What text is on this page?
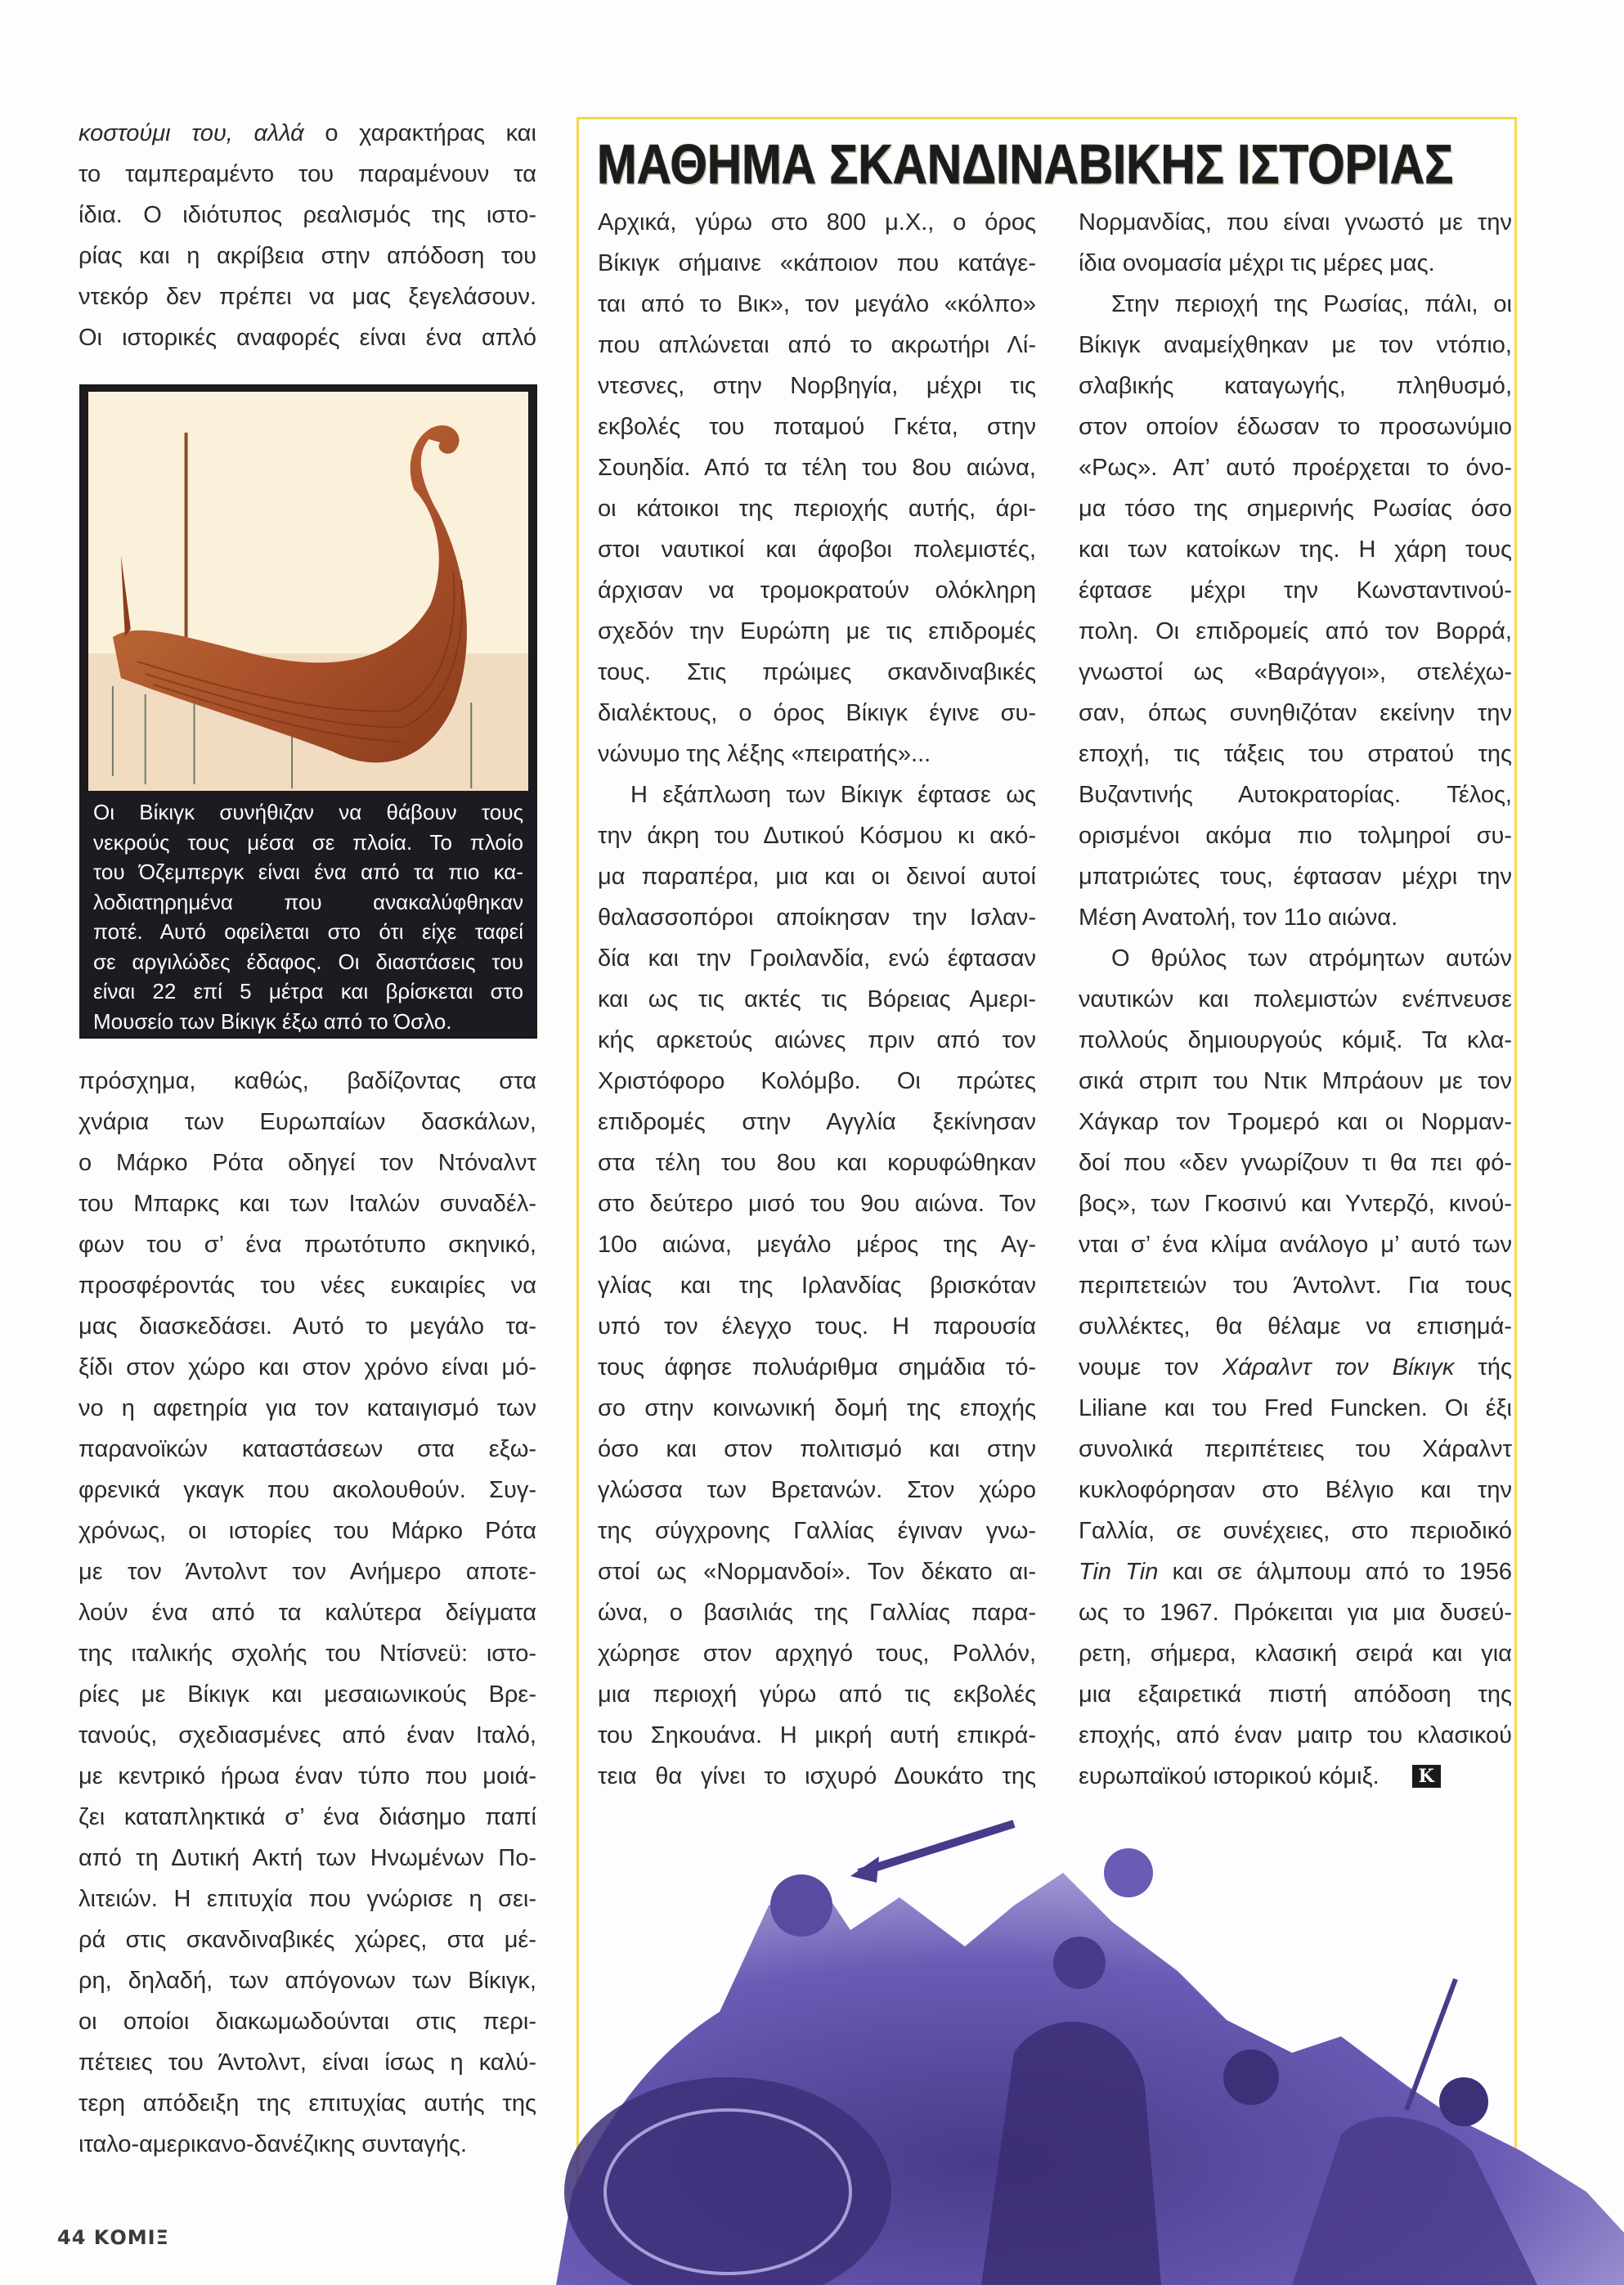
κοστούμι του, αλλά ο χαρακτήρας και
το ταμπεραμέντο του παραμένουν τα
ίδια. Ο ιδιότυπος ρεαλισμός της ιστο-
ρίας και η ακρίβεια στην απόδοση του
ντεκόρ δεν πρέπει να μας ξεγελάσουν.
Οι ιστορικές αναφορές είναι ένα απλό
Οι Βίκιγκ συνήθιζαν να θάβουν τους
νεκρούς τους μέσα σε πλοία. Το πλοίο
του Όζεμπεργκ είναι ένα από τα πιο κα-
λοδιατηρημένα που ανακαλύφθηκαν
ποτέ. Αυτό οφείλεται στο ότι είχε ταφεί
σε αργιλώδες έδαφος. Οι διαστάσεις του
είναι 22 επί 5 μέτρα και βρίσκεται στο
Μουσείο των Βίκιγκ έξω από το Όσλο.
πρόσχημα, καθώς, βαδίζοντας στα
χνάρια των Ευρωπαίων δασκάλων,
ο Μάρκο Ρότα οδηγεί τον Ντόναλντ
του Μπαρκς και των Ιταλών συναδέλ-
φων του σ’ ένα πρωτότυπο σκηνικό,
προσφέροντάς του νέες ευκαιρίες να
μας διασκεδάσει. Αυτό το μεγάλο τα-
ξίδι στον χώρο και στον χρόνο είναι μό-
νο η αφετηρία για τον καταιγισμό των
παρανοϊκών καταστάσεων στα εξω-
φρενικά γκαγκ που ακολουθούν. Συγ-
χρόνως, οι ιστορίες του Μάρκο Ρότα
με τον Άντολντ τον Ανήμερο αποτε-
λούν ένα από τα καλύτερα δείγματα
της ιταλικής σχολής του Ντίσνεϋ: ιστο-
ρίες με Βίκιγκ και μεσαιωνικούς Βρε-
τανούς, σχεδιασμένες από έναν Ιταλό,
με κεντρικό ήρωα έναν τύπο που μοιά-
ζει καταπληκτικά σ’ ένα διάσημο παπί
από τη Δυτική Ακτή των Ηνωμένων Πο-
λιτειών. Η επιτυχία που γνώρισε η σει-
ρά στις σκανδιναβικές χώρες, στα μέ-
ρη, δηλαδή, των απόγονων των Βίκιγκ,
οι οποίοι διακωμωδούνται στις περι-
πέτειες του Άντολντ, είναι ίσως η καλύ-
τερη απόδειξη της επιτυχίας αυτής της
ιταλο-αμερικανο-δανέζικης συνταγής.
ΜΑΘΗΜΑ ΣΚΑΝΔΙΝΑΒΙΚΗΣ ΙΣΤΟΡΙΑΣ
Αρχικά, γύρω στο 800 μ.Χ., ο όρος
Βίκιγκ σήμαινε «κάποιον που κατάγε-
ται από το Βικ», τον μεγάλο «κόλπο»
που απλώνεται από το ακρωτήρι Λί-
ντεσνες, στην Νορβηγία, μέχρι τις
εκβολές του ποταμού Γκέτα, στην
Σουηδία. Από τα τέλη του 8ου αιώνα,
οι κάτοικοι της περιοχής αυτής, άρι-
στοι ναυτικοί και άφοβοι πολεμιστές,
άρχισαν να τρομοκρατούν ολόκληρη
σχεδόν την Ευρώπη με τις επιδρομές
τους. Στις πρώιμες σκανδιναβικές
διαλέκτους, ο όρος Βίκιγκ έγινε συ-
νώνυμο της λέξης «πειρατής»...
Η εξάπλωση των Βίκιγκ έφτασε ως
την άκρη του Δυτικού Κόσμου κι ακό-
μα παραπέρα, μια και οι δεινοί αυτοί
θαλασσοπόροι αποίκησαν την Ισλαν-
δία και την Γροιλανδία, ενώ έφτασαν
και ως τις ακτές τις Βόρειας Αμερι-
κής αρκετούς αιώνες πριν από τον
Χριστόφορο Κολόμβο. Οι πρώτες
επιδρομές στην Αγγλία ξεκίνησαν
στα τέλη του 8ου και κορυφώθηκαν
στο δεύτερο μισό του 9ου αιώνα. Τον
10ο αιώνα, μεγάλο μέρος της Αγ-
γλίας και της Ιρλανδίας βρισκόταν
υπό τον έλεγχο τους. Η παρουσία
τους άφησε πολυάριθμα σημάδια τό-
σο στην κοινωνική δομή της εποχής
όσο και στον πολιτισμό και στην
γλώσσα των Βρετανών. Στον χώρο
της σύγχρονης Γαλλίας έγιναν γνω-
στοί ως «Νορμανδοί». Τον δέκατο αι-
ώνα, ο βασιλιάς της Γαλλίας παρα-
χώρησε στον αρχηγό τους, Ρολλόν,
μια περιοχή γύρω από τις εκβολές
του Σηκουάνα. Η μικρή αυτή επικρά-
τεια θα γίνει το ισχυρό Δουκάτο της
Νορμανδίας, που είναι γνωστό με την
ίδια ονομασία μέχρι τις μέρες μας.
Στην περιοχή της Ρωσίας, πάλι, οι
Βίκιγκ αναμείχθηκαν με τον ντόπιο,
σλαβικής καταγωγής, πληθυσμό,
στον οποίον έδωσαν το προσωνύμιο
«Ρως». Απ’ αυτό προέρχεται το όνο-
μα τόσο της σημερινής Ρωσίας όσο
και των κατοίκων της. Η χάρη τους
έφτασε μέχρι την Κωνσταντινού-
πολη. Οι επιδρομείς από τον Βορρά,
γνωστοί ως «Βαράγγοι», στελέχω-
σαν, όπως συνηθιζόταν εκείνην την
εποχή, τις τάξεις του στρατού της
Βυζαντινής Αυτοκρατορίας. Τέλος,
ορισμένοι ακόμα πιο τολμηροί συ-
μπατριώτες τους, έφτασαν μέχρι την
Μέση Ανατολή, τον 11ο αιώνα.
Ο θρύλος των ατρόμητων αυτών
ναυτικών και πολεμιστών ενέπνευσε
πολλούς δημιουργούς κόμιξ. Τα κλα-
σικά στριπ του Ντικ Μπράουν με τον
Χάγκαρ τον Τρομερό και οι Νορμαν-
δοί που «δεν γνωρίζουν τι θα πει φό-
βος», των Γκοσινύ και Υντερζό, κινού-
νται σ’ ένα κλίμα ανάλογο μ’ αυτό των
περιπετειών του Άντολντ. Για τους
συλλέκτες, θα θέλαμε να επισημά-
νουμε τον Χάραλντ τον Βίκιγκ τής
Liliane και του Fred Funcken. Οι έξι
συνολικά περιπέτειες του Χάραλντ
κυκλοφόρησαν στο Βέλγιο και την
Γαλλία, σε συνέχειες, στο περιοδικό
Tin Tin και σε άλμπουμ από το 1956
ως το 1967. Πρόκειται για μια δυσεύ-
ρετη, σήμερα, κλασική σειρά και για
μια εξαιρετικά πιστή απόδοση της
εποχής, από έναν μαιτρ του κλασικού
ευρωπαϊκού ιστορικού κόμιξ. K
44 ΚΟΜΙΞ
